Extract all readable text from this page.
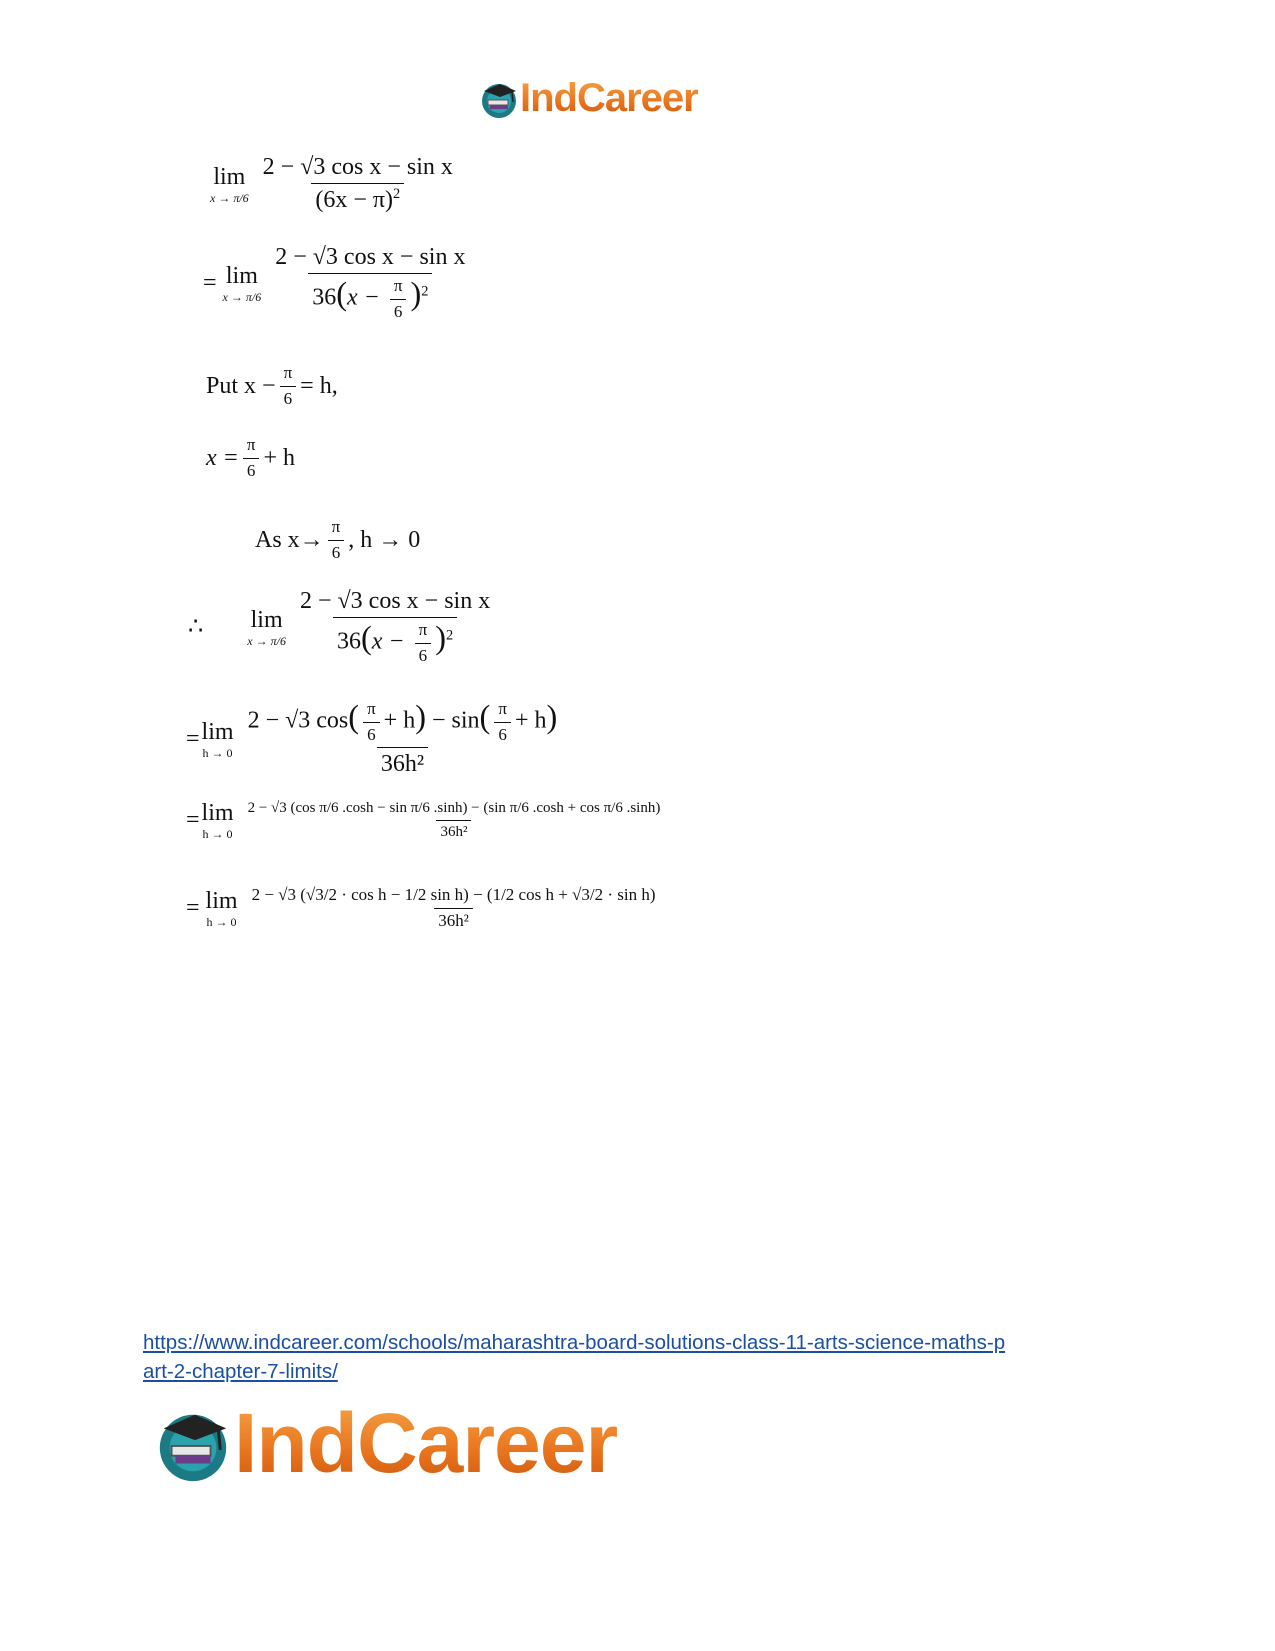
IndCareer
lim
$x \to \pi/6 \frac{\text{2 − √3 cos x − sin x}}{(6x - \pi)^2}$
= lim
$x \to \pi/6 \frac{\text{2 − √3 cos x − sin x}}{36(x - \frac{\pi}{6} )^2}$
Put $x - \frac{\pi}{6} = h$,
$x = \frac{\pi}{6} + h$
As $x\to \frac{\pi}{6}$ , h → 0
∴ lim
$x \to \pi/6 \frac{\text{2 − √3 cos x − sin x}}{36(x - \frac{\pi}{6} )^2}$
= lim
$h \to 0 \frac{2 - √3 \cos( \frac{\pi}{6} + h) - \sin( \frac{\pi}{6} + h)}{\text{36h²}}$
= lim
h → 0
2 − √3 (cos π/6 .cosh − sin π/6 .sinh) − (sin π/6 .cosh + cos π/6 .sinh)
36h²
= lim
h → 0
2 − √3 (√3/2 · cos h − 1/2 sin h) − (1/2 cos h + √3/2 · sin h)
36h²
https://www.indcareer.com/schools/maharashtra-board-solutions-class-11-arts-science-maths-p
art-2-chapter-7-limits/
IndCareer
